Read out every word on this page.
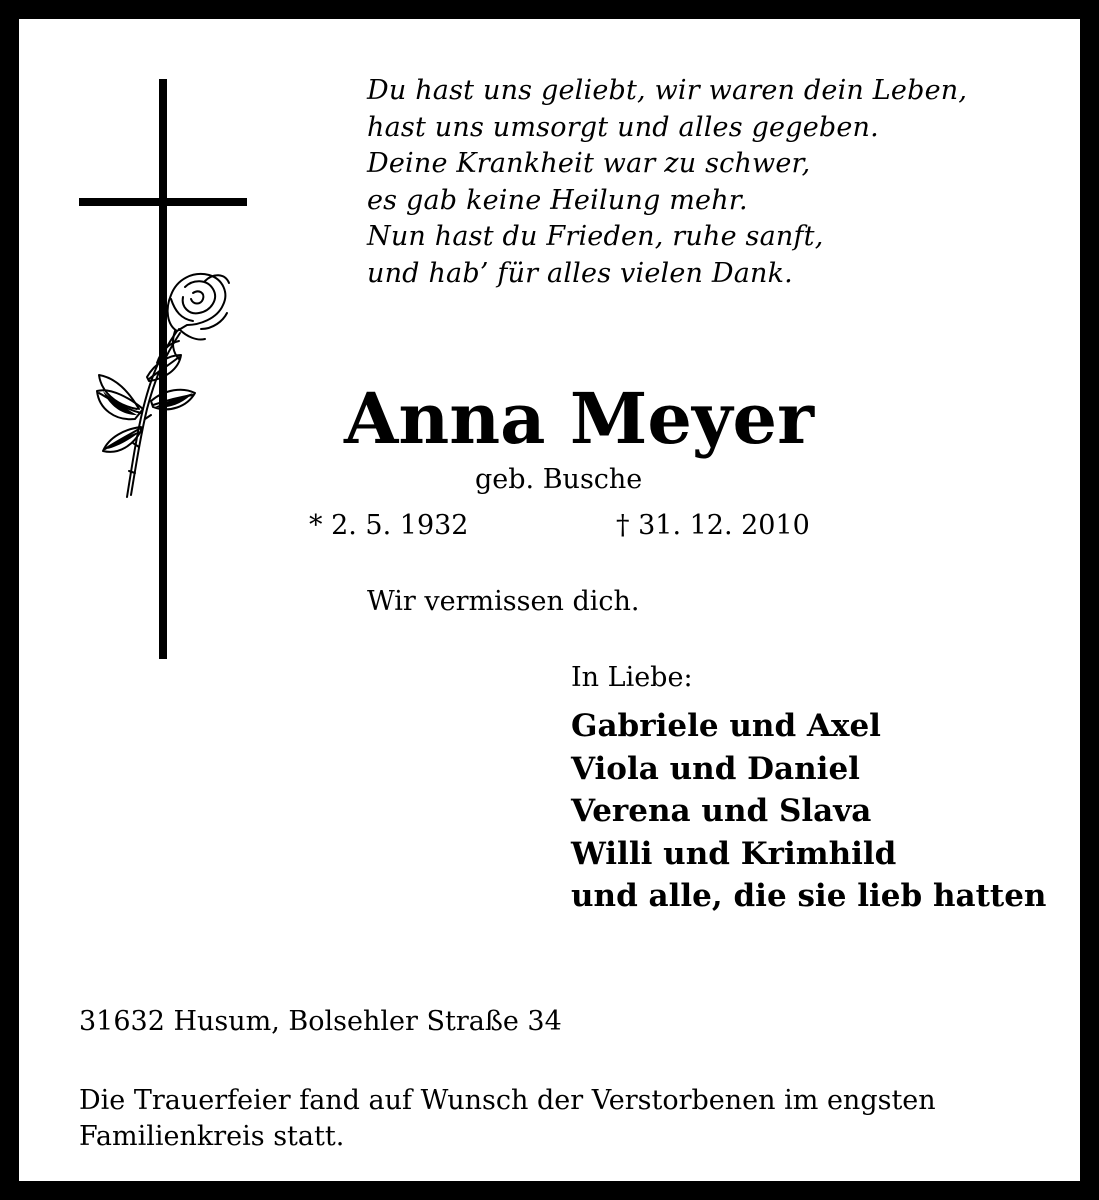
Du hast uns geliebt, wir waren dein Leben,
hast uns umsorgt und alles gegeben.
Deine Krankheit war zu schwer,
es gab keine Heilung mehr.
Nun hast du Frieden, ruhe sanft,
und hab’ für alles vielen Dank.
Anna Meyer
geb. Busche
* 2. 5. 1932	† 31. 12. 2010
Wir vermissen dich.
In Liebe:
Gabriele und Axel
Viola und Daniel
Verena und Slava
Willi und Krimhild
und alle, die sie lieb hatten
31632 Husum, Bolsehler Straße 34
Die Trauerfeier fand auf Wunsch der Verstorbenen im engsten
Familienkreis statt.
